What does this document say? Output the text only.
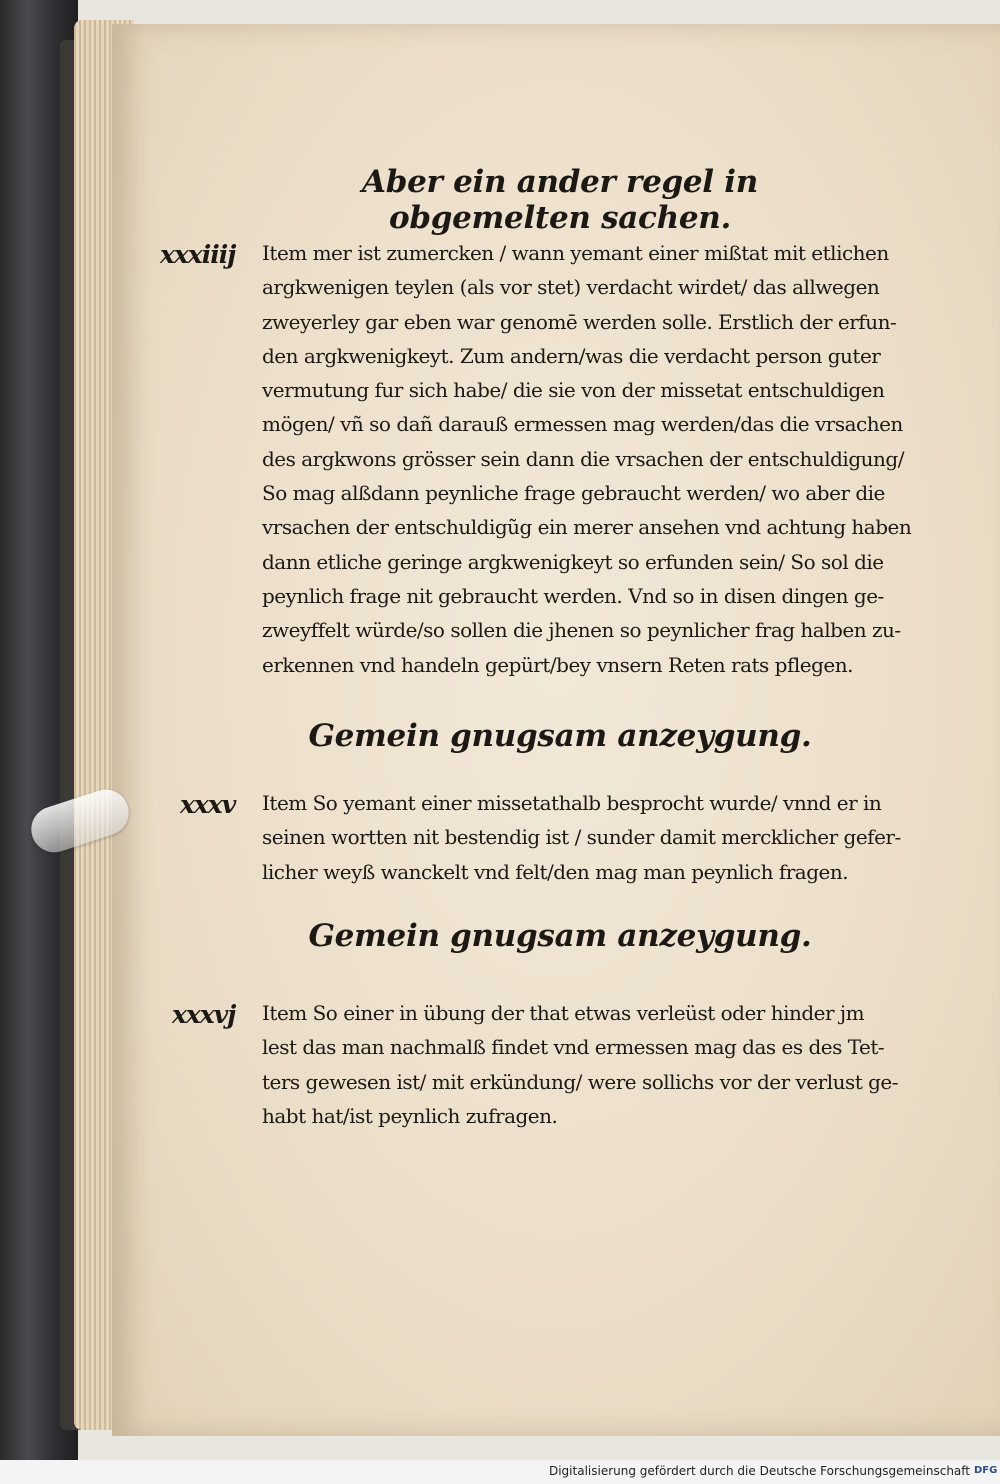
Aber ein ander regel in obgemelten sachen.
xxxiiij Item mer ist zumercken / wann yemant einer mißtat mit etlichen
argkwenigen teylen (als vor stet) verdacht wirdet/ das allwegen
zweyerley gar eben war genomē werden solle. Erstlich der erfun-
den argkwenigkeyt. Zum andern/was die verdacht person guter
vermutung fur sich habe/ die sie von der missetat entschuldigen
mögen/ vñ so dañ darauß ermessen mag werden/das die vrsachen
des argkwons grösser sein dann die vrsachen der entschuldigung/
So mag alßdann peynliche frage gebraucht werden/ wo aber die
vrsachen der entschuldigũg ein merer ansehen vnd achtung haben
dann etliche geringe argkwenigkeyt so erfunden sein/ So sol die
peynlich frage nit gebraucht werden. Vnd so in disen dingen ge-
zweyffelt würde/so sollen die jhenen so peynlicher frag halben zu-
erkennen vnd handeln gepürt/bey vnsern Reten rats pflegen.
Gemein gnugsam anzeygung.
xxxv Item So yemant einer missetathalb besprocht wurde/ vnnd er in
seinen wortten nit bestendig ist / sunder damit mercklicher gefer-
licher weyß wanckelt vnd felt/den mag man peynlich fragen.
Gemein gnugsam anzeygung.
xxxvj Item So einer in übung der that etwas verleüst oder hinder jm
lest das man nachmalß findet vnd ermessen mag das es des Tet-
ters gewesen ist/ mit erkündung/ were sollichs vor der verlust ge-
habt hat/ist peynlich zufragen.
Digitalisierung gefördert durch die Deutsche Forschungsgemeinschaft DFG
